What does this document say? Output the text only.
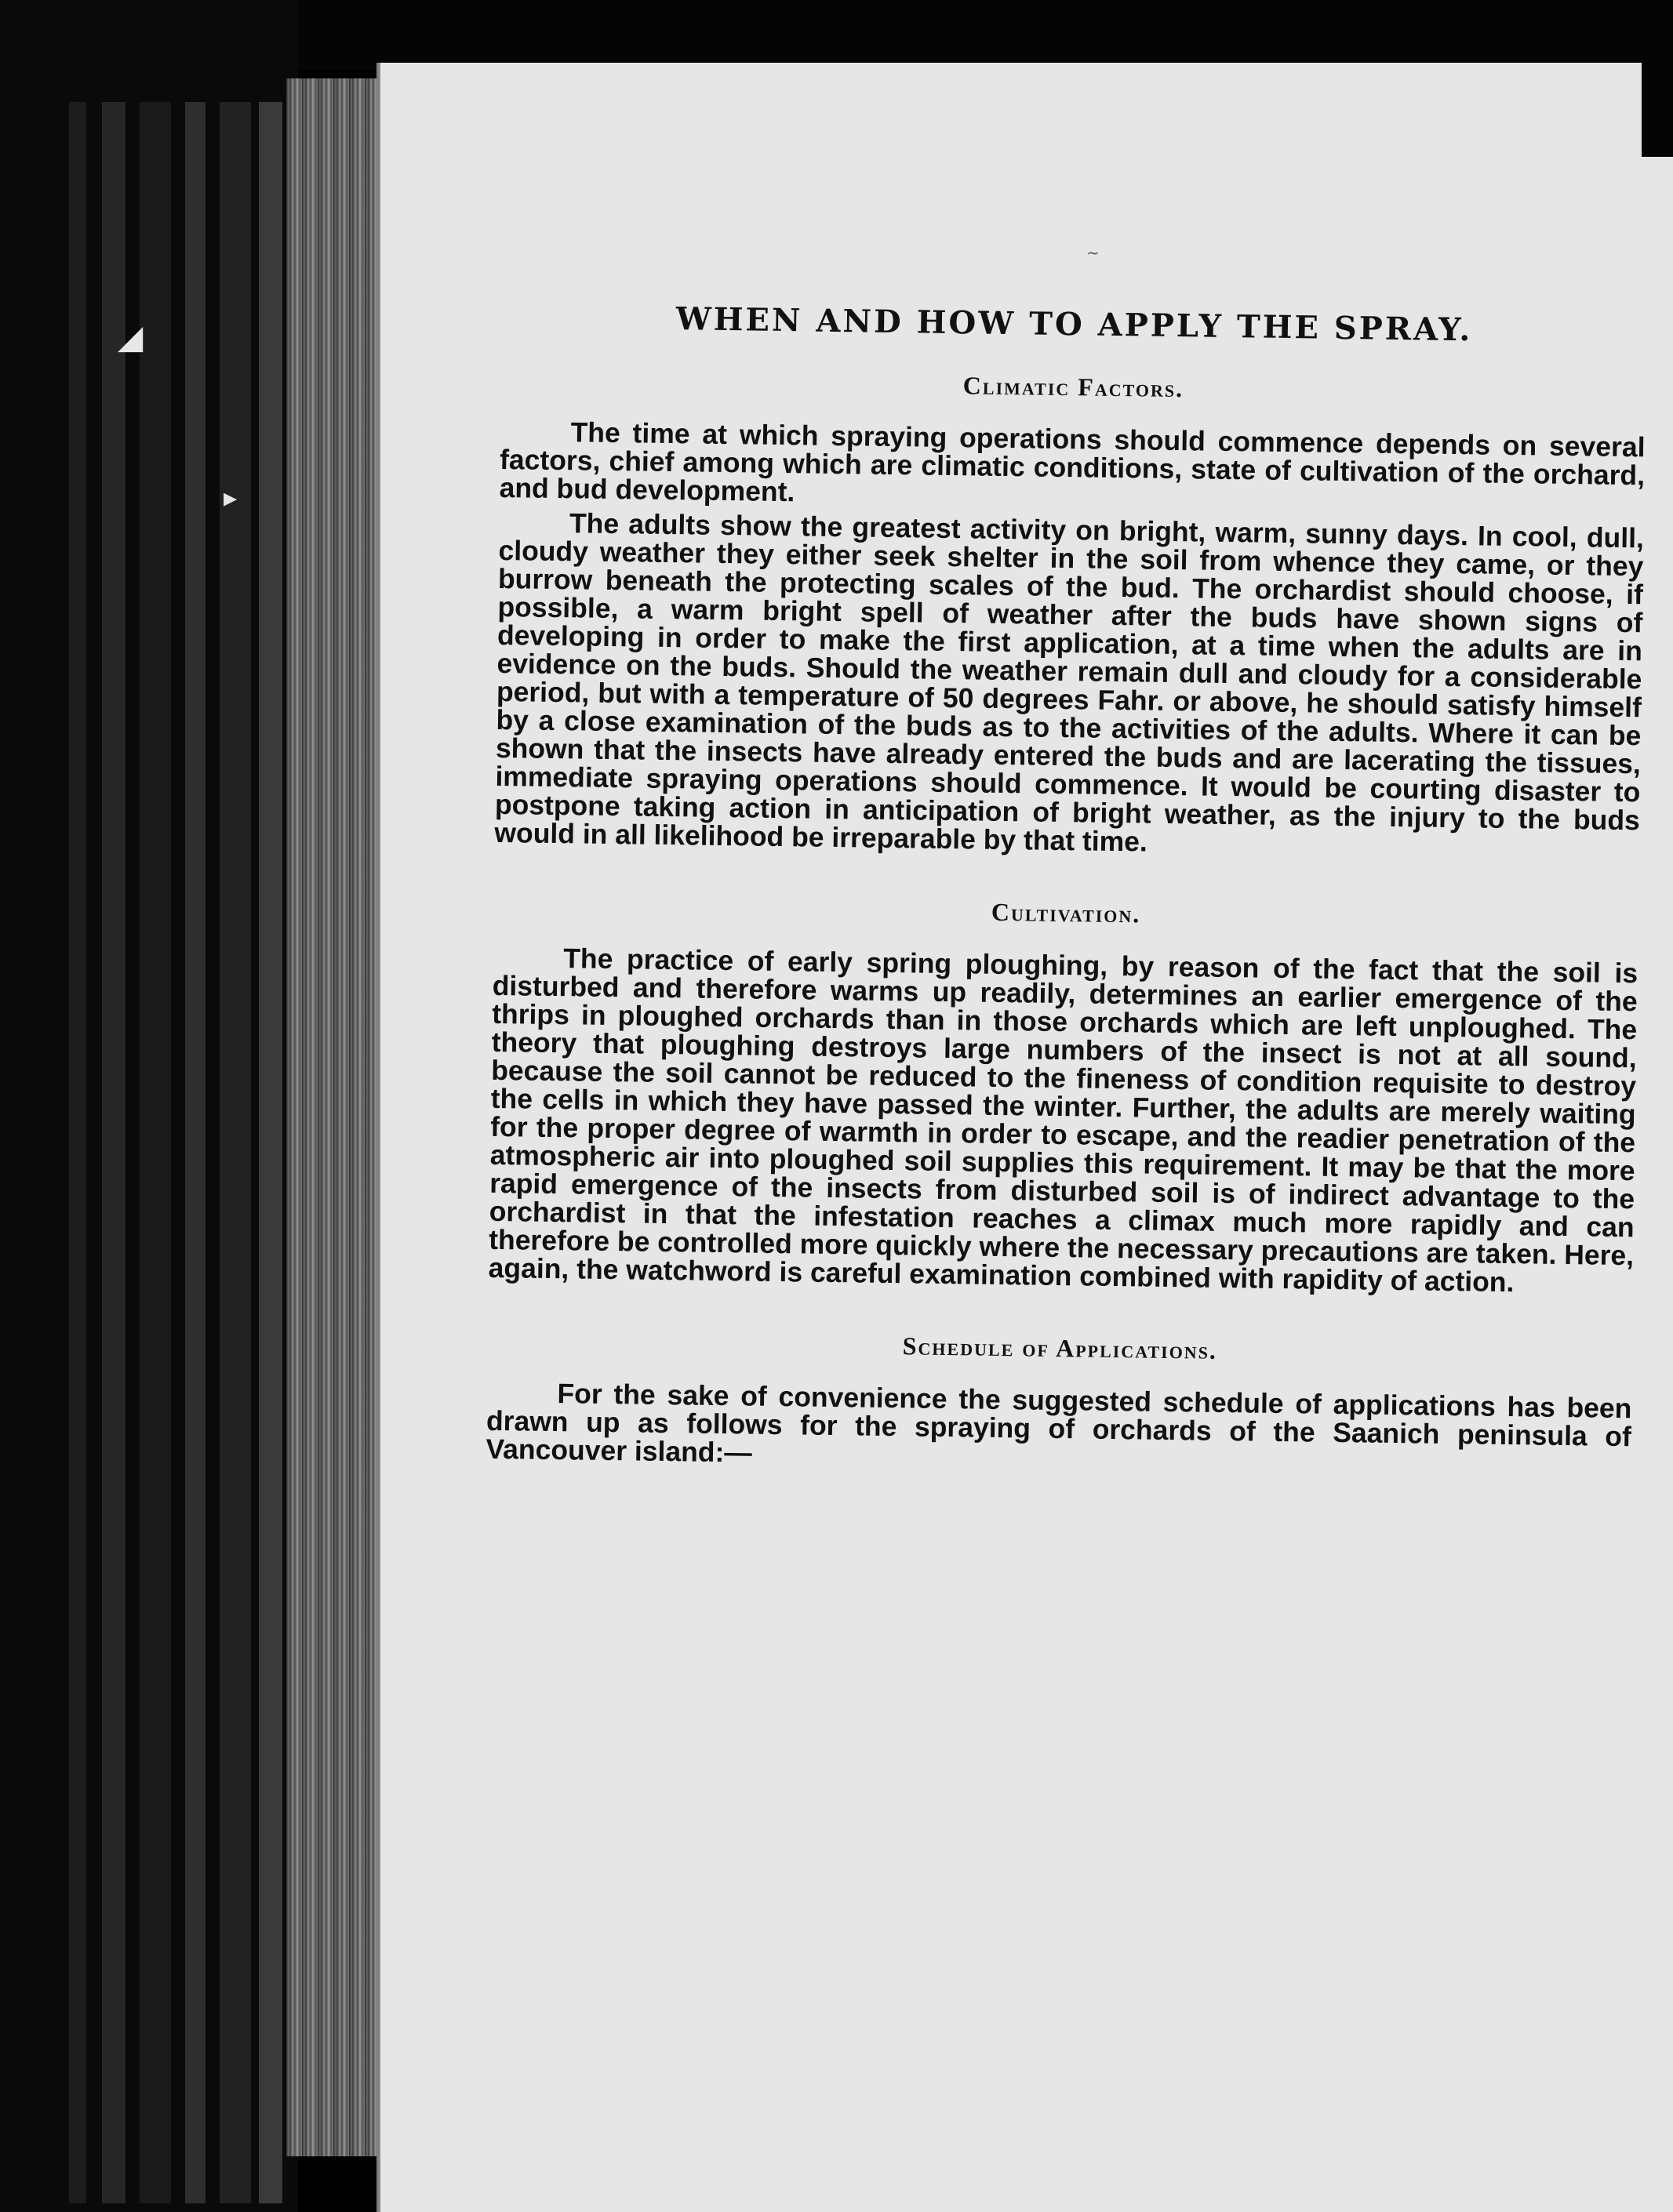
◢
▸
WHEN AND HOW TO APPLY THE SPRAY.
Climatic Factors.

The time at which spraying operations should commence depends on several factors, chief among which are climatic conditions, state of cultivation of the orchard, and bud development.

The adults show the greatest activity on bright, warm, sunny days. In cool, dull, cloudy weather they either seek shelter in the soil from whence they came, or they burrow beneath the protecting scales of the bud. The orchardist should choose, if possible, a warm bright spell of weather after the buds have shown signs of developing in order to make the first application, at a time when the adults are in evidence on the buds. Should the weather remain dull and cloudy for a considerable period, but with a temperature of 50 degrees Fahr. or above, he should satisfy himself by a close examination of the buds as to the activities of the adults. Where it can be shown that the insects have already entered the buds and are lacerating the tissues, immediate spraying operations should commence. It would be courting disaster to postpone taking action in anticipation of bright weather, as the injury to the buds would in all likelihood be irreparable by that time.

Cultivation.

The practice of early spring ploughing, by reason of the fact that the soil is disturbed and therefore warms up readily, determines an earlier emergence of the thrips in ploughed orchards than in those orchards which are left unploughed. The theory that ploughing destroys large numbers of the insect is not at all sound, because the soil cannot be reduced to the fineness of condition requisite to destroy the cells in which they have passed the winter. Further, the adults are merely waiting for the proper degree of warmth in order to escape, and the readier penetration of the atmospheric air into ploughed soil supplies this requirement. It may be that the more rapid emergence of the insects from disturbed soil is of indirect advantage to the orchardist in that the infestation reaches a climax much more rapidly and can therefore be controlled more quickly where the necessary precautions are taken. Here, again, the watchword is careful examination combined with rapidity of action.

Schedule of Applications.

For the sake of convenience the suggested schedule of applications has been drawn up as follows for the spraying of orchards of the Saanich peninsula of Vancouver island:—
